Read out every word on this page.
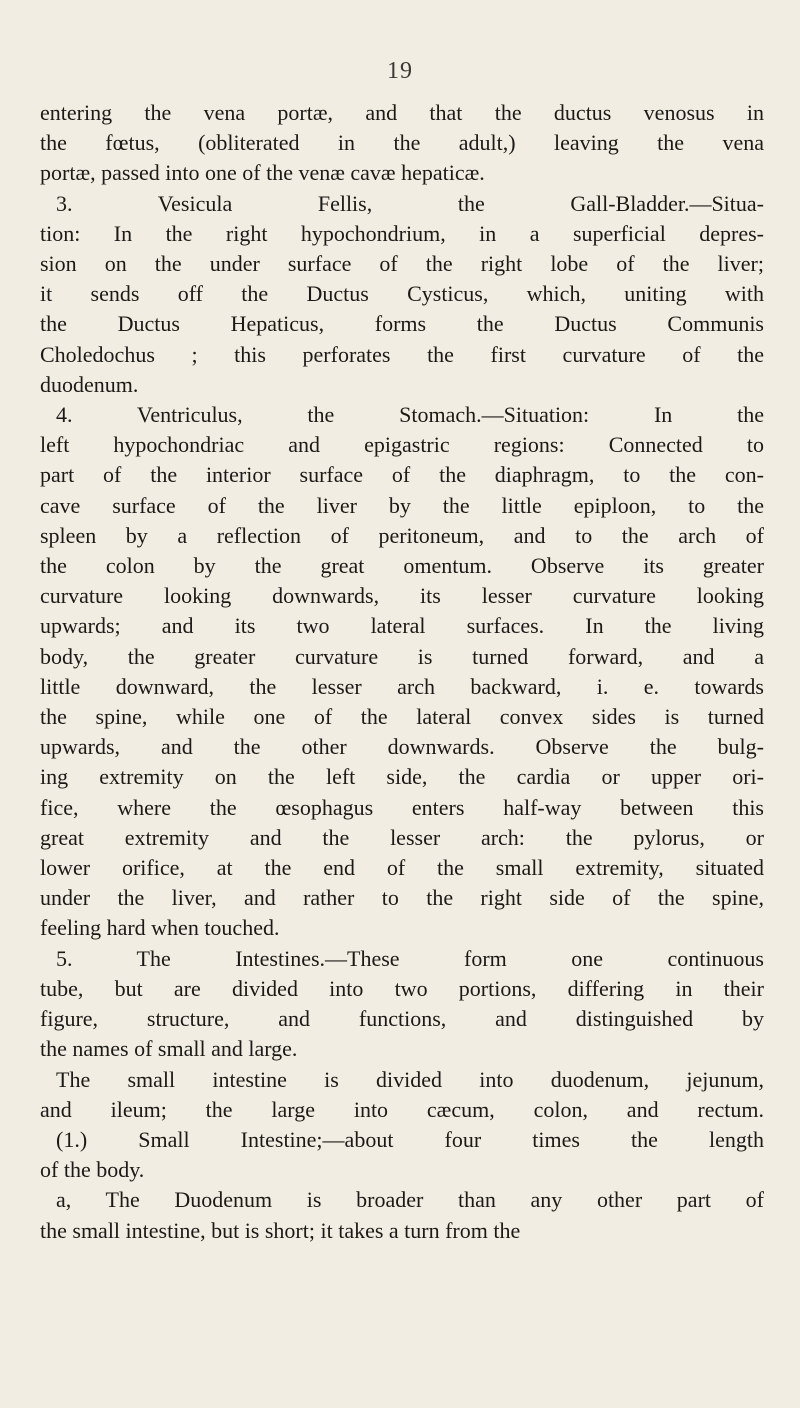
19
entering the vena portæ, and that the ductus venosus in
the fœtus, (obliterated in the adult,) leaving the vena
portæ, passed into one of the venæ cavæ hepaticæ.
3. Vesicula Fellis, the Gall-Bladder.—Situa-
tion: In the right hypochondrium, in a superficial depres-
sion on the under surface of the right lobe of the liver;
it sends off the Ductus Cysticus, which, uniting with
the Ductus Hepaticus, forms the Ductus Communis
Choledochus ; this perforates the first curvature of the
duodenum.
4. Ventriculus, the Stomach.—Situation: In the
left hypochondriac and epigastric regions: Connected to
part of the interior surface of the diaphragm, to the con-
cave surface of the liver by the little epiploon, to the
spleen by a reflection of peritoneum, and to the arch of
the colon by the great omentum. Observe its greater
curvature looking downwards, its lesser curvature looking
upwards; and its two lateral surfaces. In the living
body, the greater curvature is turned forward, and a
little downward, the lesser arch backward, i. e. towards
the spine, while one of the lateral convex sides is turned
upwards, and the other downwards. Observe the bulg-
ing extremity on the left side, the cardia or upper ori-
fice, where the œsophagus enters half-way between this
great extremity and the lesser arch: the pylorus, or
lower orifice, at the end of the small extremity, situated
under the liver, and rather to the right side of the spine,
feeling hard when touched.
5. The Intestines.—These form one continuous
tube, but are divided into two portions, differing in their
figure, structure, and functions, and distinguished by
the names of small and large.
The small intestine is divided into duodenum, jejunum,
and ileum; the large into cæcum, colon, and rectum.
(1.) Small Intestine;—about four times the length
of the body.
a, The Duodenum is broader than any other part of
the small intestine, but is short; it takes a turn from the
